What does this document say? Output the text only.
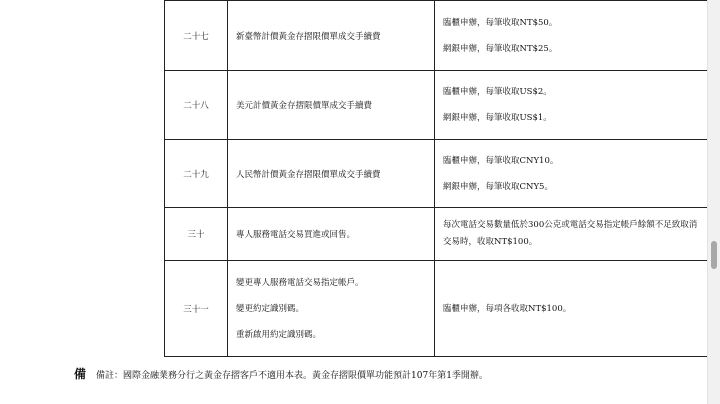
二十七	新臺幣計價黃金存摺限價單成交手續費	臨櫃申辦，每筆收取NT$50。
網銀申辦，每筆收取NT$25。

二十八	美元計價黃金存摺限價單成交手續費	臨櫃申辦，每筆收取US$2。
網銀申辦，每筆收取US$1。

二十九	人民幣計價黃金存摺限價單成交手續費	臨櫃申辦，每筆收取CNY10。
網銀申辦，每筆收取CNY5。

三十	專人服務電話交易買進或回售。	每次電話交易數量低於300公克或電話交易指定帳戶餘額不足致取消交易時，收取NT$100。

三十一	變更專人服務電話交易指定帳戶。
變更約定識別碼。
重新啟用約定識別碼。	臨櫃申辦，每項各收取NT$100。
備 備註：國際金融業務分行之黃金存摺客戶不適用本表。黃金存摺限價單功能預計107年第1季開辦。
